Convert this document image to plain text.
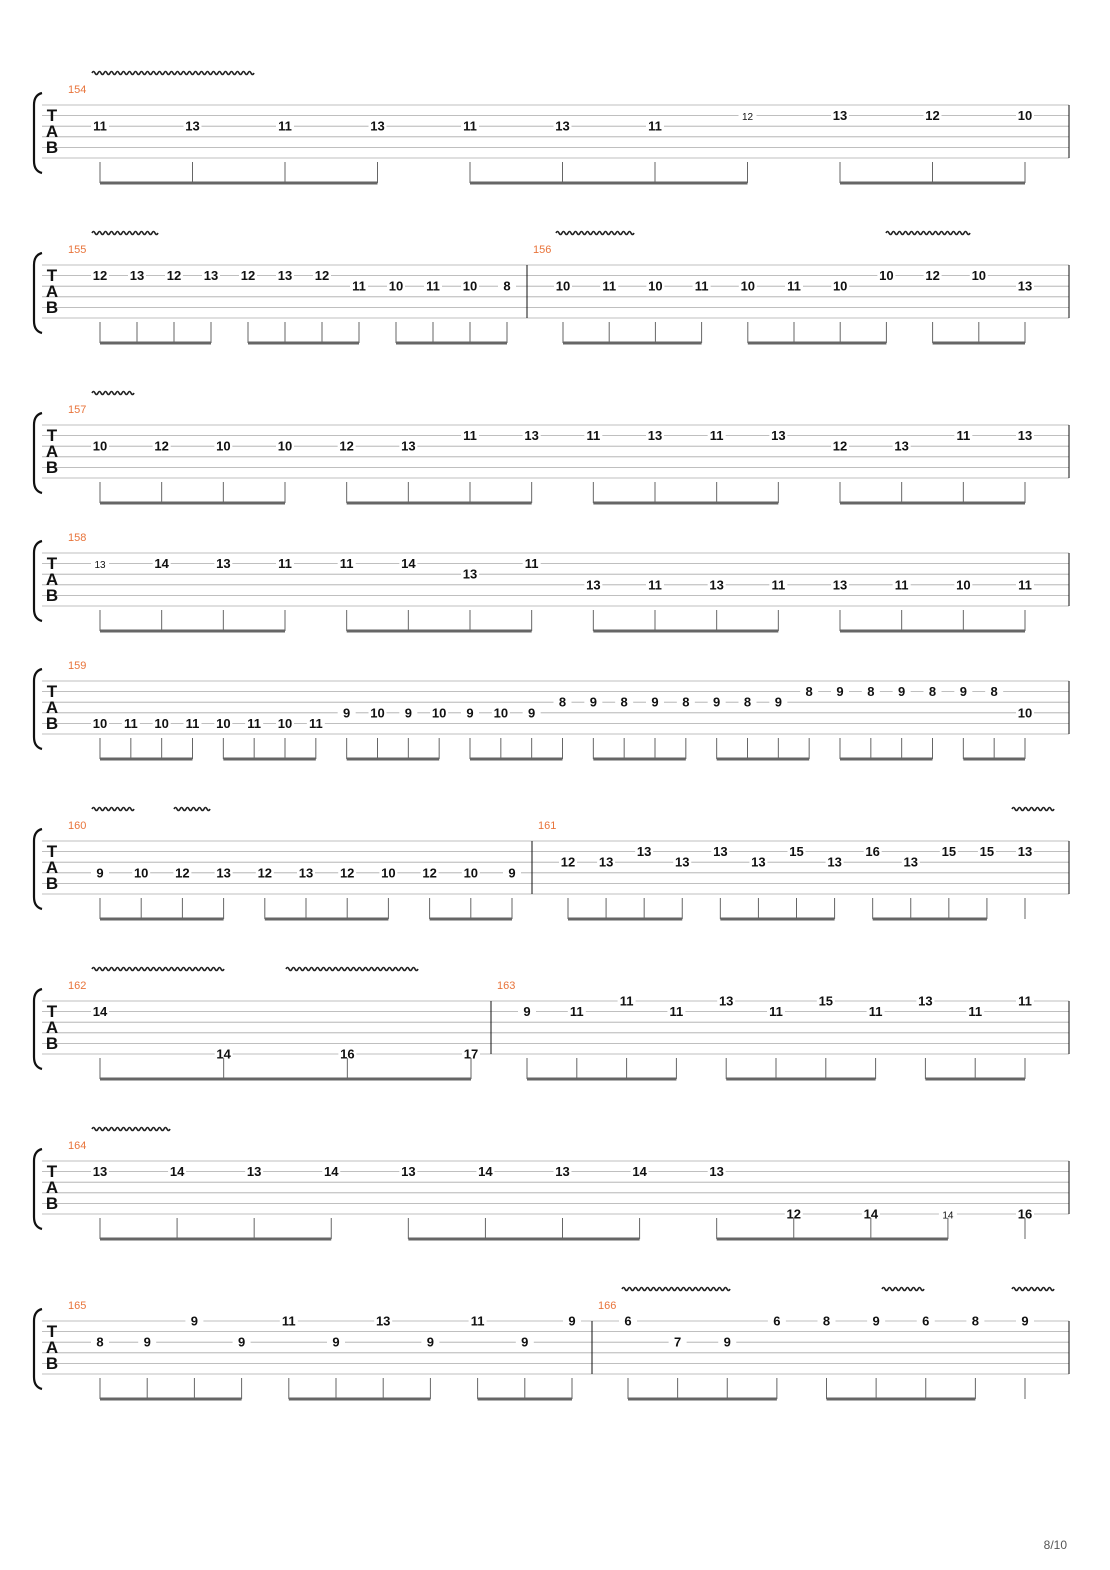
T
A
B
154
11	13	11	13	11	13	11
12	13	12	10
T
A
B
155	156
12 13 12 13 12 13 12
11 10 11 10 8	10 11 10 11 10 11 10
10 12 10
13
T
A
B
157
10	12	10	10	12	13
11	13	11	13	11	13
12	13
11	13
T
A
B
158
13	14	13	11	11	14
13
11
13	11	13	11	13	11	10	11
T
A
B
159
10 11 10 11 10 11 10 11
9 10 9 10 9 10 9
8 9 8 9 8 9 8 9
8 9 8 9 8 9 8
10
T
A
B
160	161
9 10 12 13 12 13 12 10 12 10 9
12 13
13
13
13
13
15
13
16
13
15 15 13
T
A
B
162	163
14
14	16	17
9	11
11
11
13
11
15
11
13
11
11
T
A
B
164
13	14	13	14	13	14	13	14	13
12	14	14	16
T
A
B
165	166
8	9
9
9
11
9
13
9
11
9
9	6
7	9
6	8	9	6	8	9
8/10
